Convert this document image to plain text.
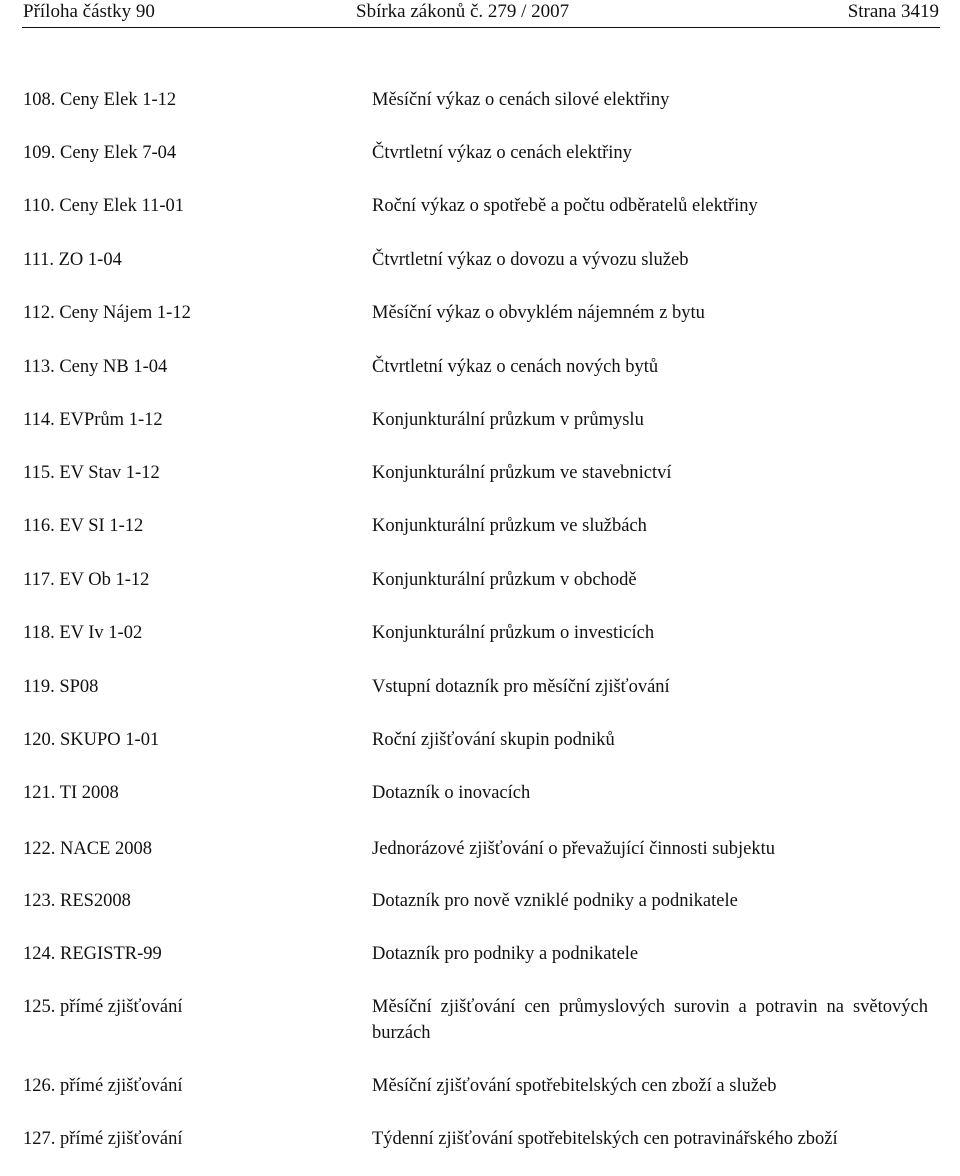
Příloha částky 90	Sbírka zákonů č. 279 / 2007	Strana 3419
108. Ceny Elek 1-12	Měsíční výkaz o cenách silové elektřiny
109. Ceny Elek 7-04	Čtvrtletní výkaz o cenách elektřiny
110. Ceny Elek 11-01	Roční výkaz o spotřebě a počtu odběratelů elektřiny
111. ZO 1-04	Čtvrtletní výkaz o dovozu a vývozu služeb
112. Ceny Nájem 1-12	Měsíční výkaz o obvyklém nájemném z bytu
113. Ceny NB 1-04	Čtvrtletní výkaz o cenách nových bytů
114. EVPrům 1-12	Konjunkturální průzkum v průmyslu
115. EV Stav 1-12	Konjunkturální průzkum ve stavebnictví
116. EV SI 1-12	Konjunkturální průzkum ve službách
117. EV Ob 1-12	Konjunkturální průzkum v obchodě
118. EV Iv 1-02	Konjunkturální průzkum o investicích
119. SP08	Vstupní dotazník pro měsíční zjišťování
120. SKUPO 1-01	Roční zjišťování skupin podniků
121. TI 2008	Dotazník o inovacích
122. NACE 2008	Jednorázové zjišťování o převažující činnosti subjektu
123. RES2008	Dotazník pro nově vzniklé podniky a podnikatele
124. REGISTR-99	Dotazník pro podniky a podnikatele
125. přímé zjišťování	Měsíční zjišťování cen průmyslových surovin a potravin na světových burzách
126. přímé zjišťování	Měsíční zjišťování spotřebitelských cen zboží a služeb
127. přímé zjišťování	Týdenní zjišťování spotřebitelských cen potravinářského zboží
